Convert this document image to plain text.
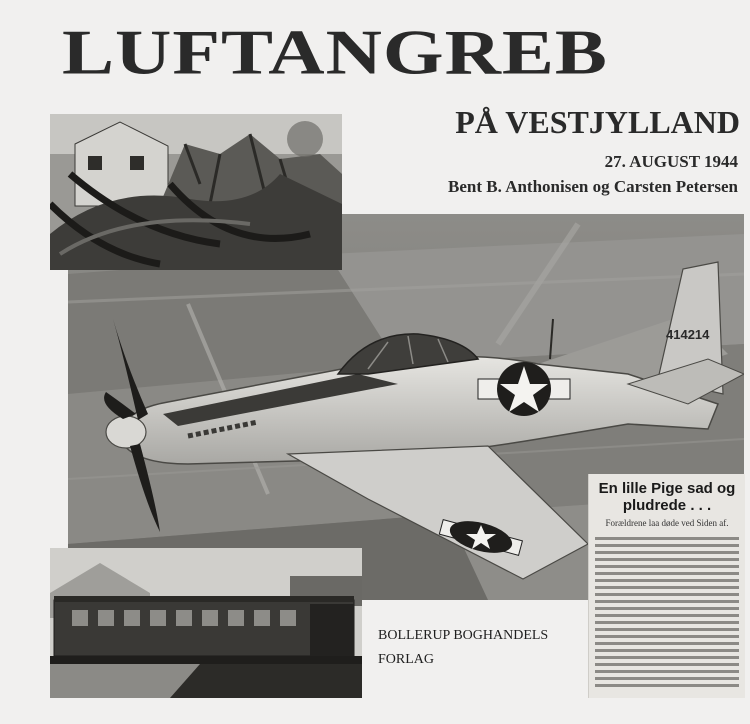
LUFTANGREB
PÅ VESTJYLLAND
27. AUGUST 1944
Bent B. Anthonisen og Carsten Petersen
414214
En lille Pige sad og pludrede . . .
Forældrene laa døde ved Siden af.
BOLLERUP BOGHANDELS
FORLAG
